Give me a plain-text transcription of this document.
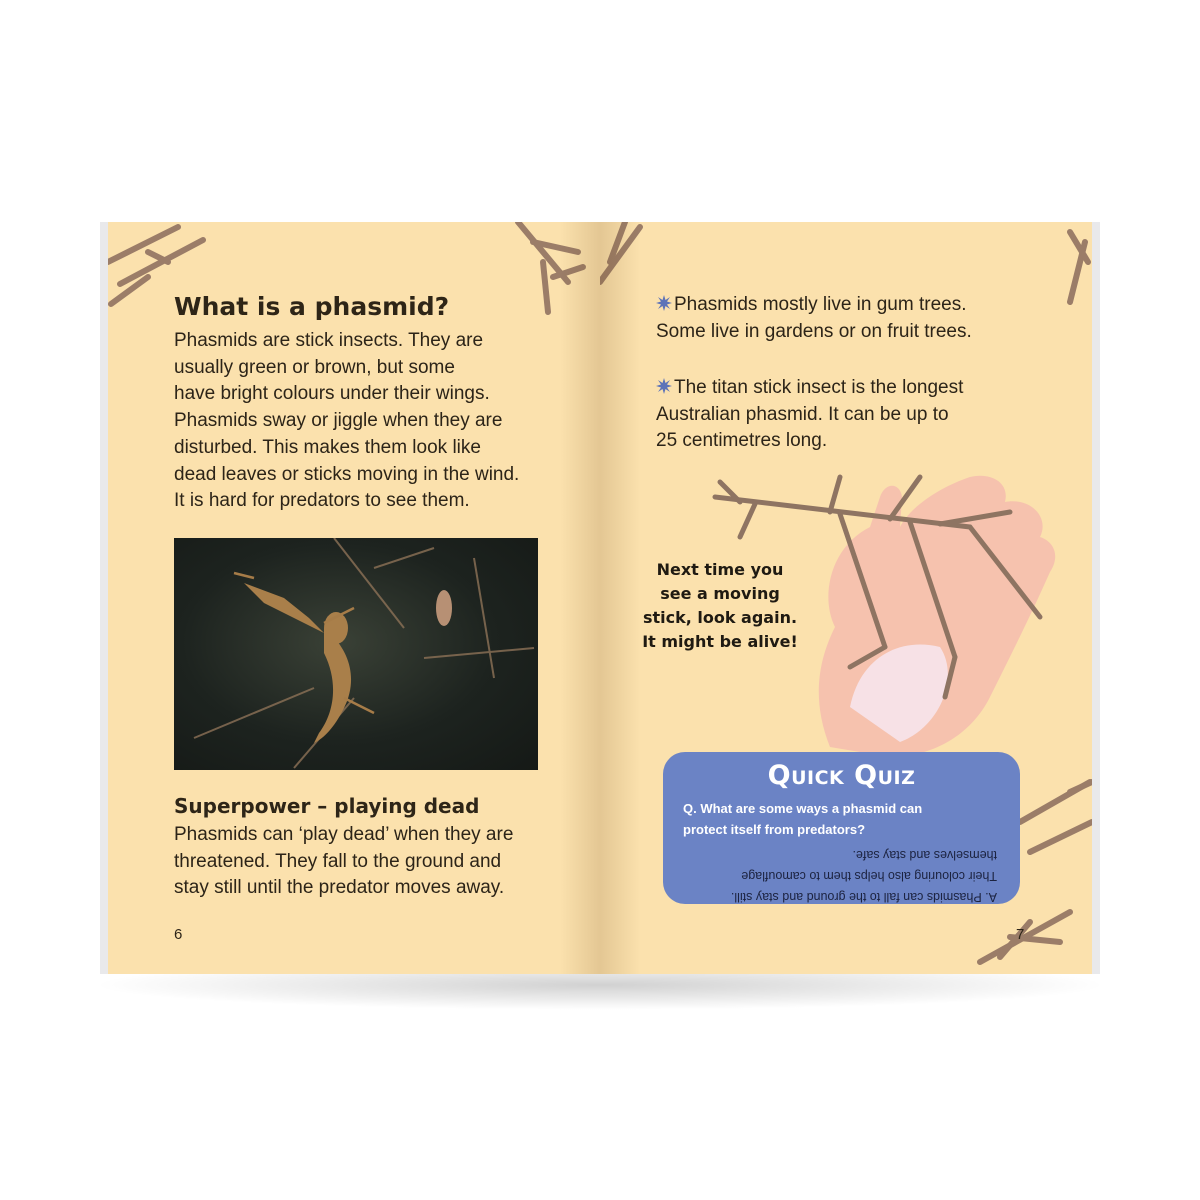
What is a phasmid?

Phasmids are stick insects. They are
usually green or brown, but some
have bright colours under their wings.
Phasmids sway or jiggle when they are
disturbed. This makes them look like
dead leaves or sticks moving in the wind.
It is hard for predators to see them.

Superpower – playing dead

Phasmids can ‘play dead’ when they are
threatened. They fall to the ground and
stay still until the predator moves away.

6

Phasmids mostly live in gum trees.
Some live in gardens or on fruit trees.

The titan stick insect is the longest
Australian phasmid. It can be up to
25 centimetres long.

Next time you
see a moving
stick, look again.
It might be alive!

Quick Quiz

Q. What are some ways a phasmid can
protect itself from predators?

A. Phasmids can fall to the ground and stay still.
Their colouring also helps them to camouflage
themselves and stay safe.

7
